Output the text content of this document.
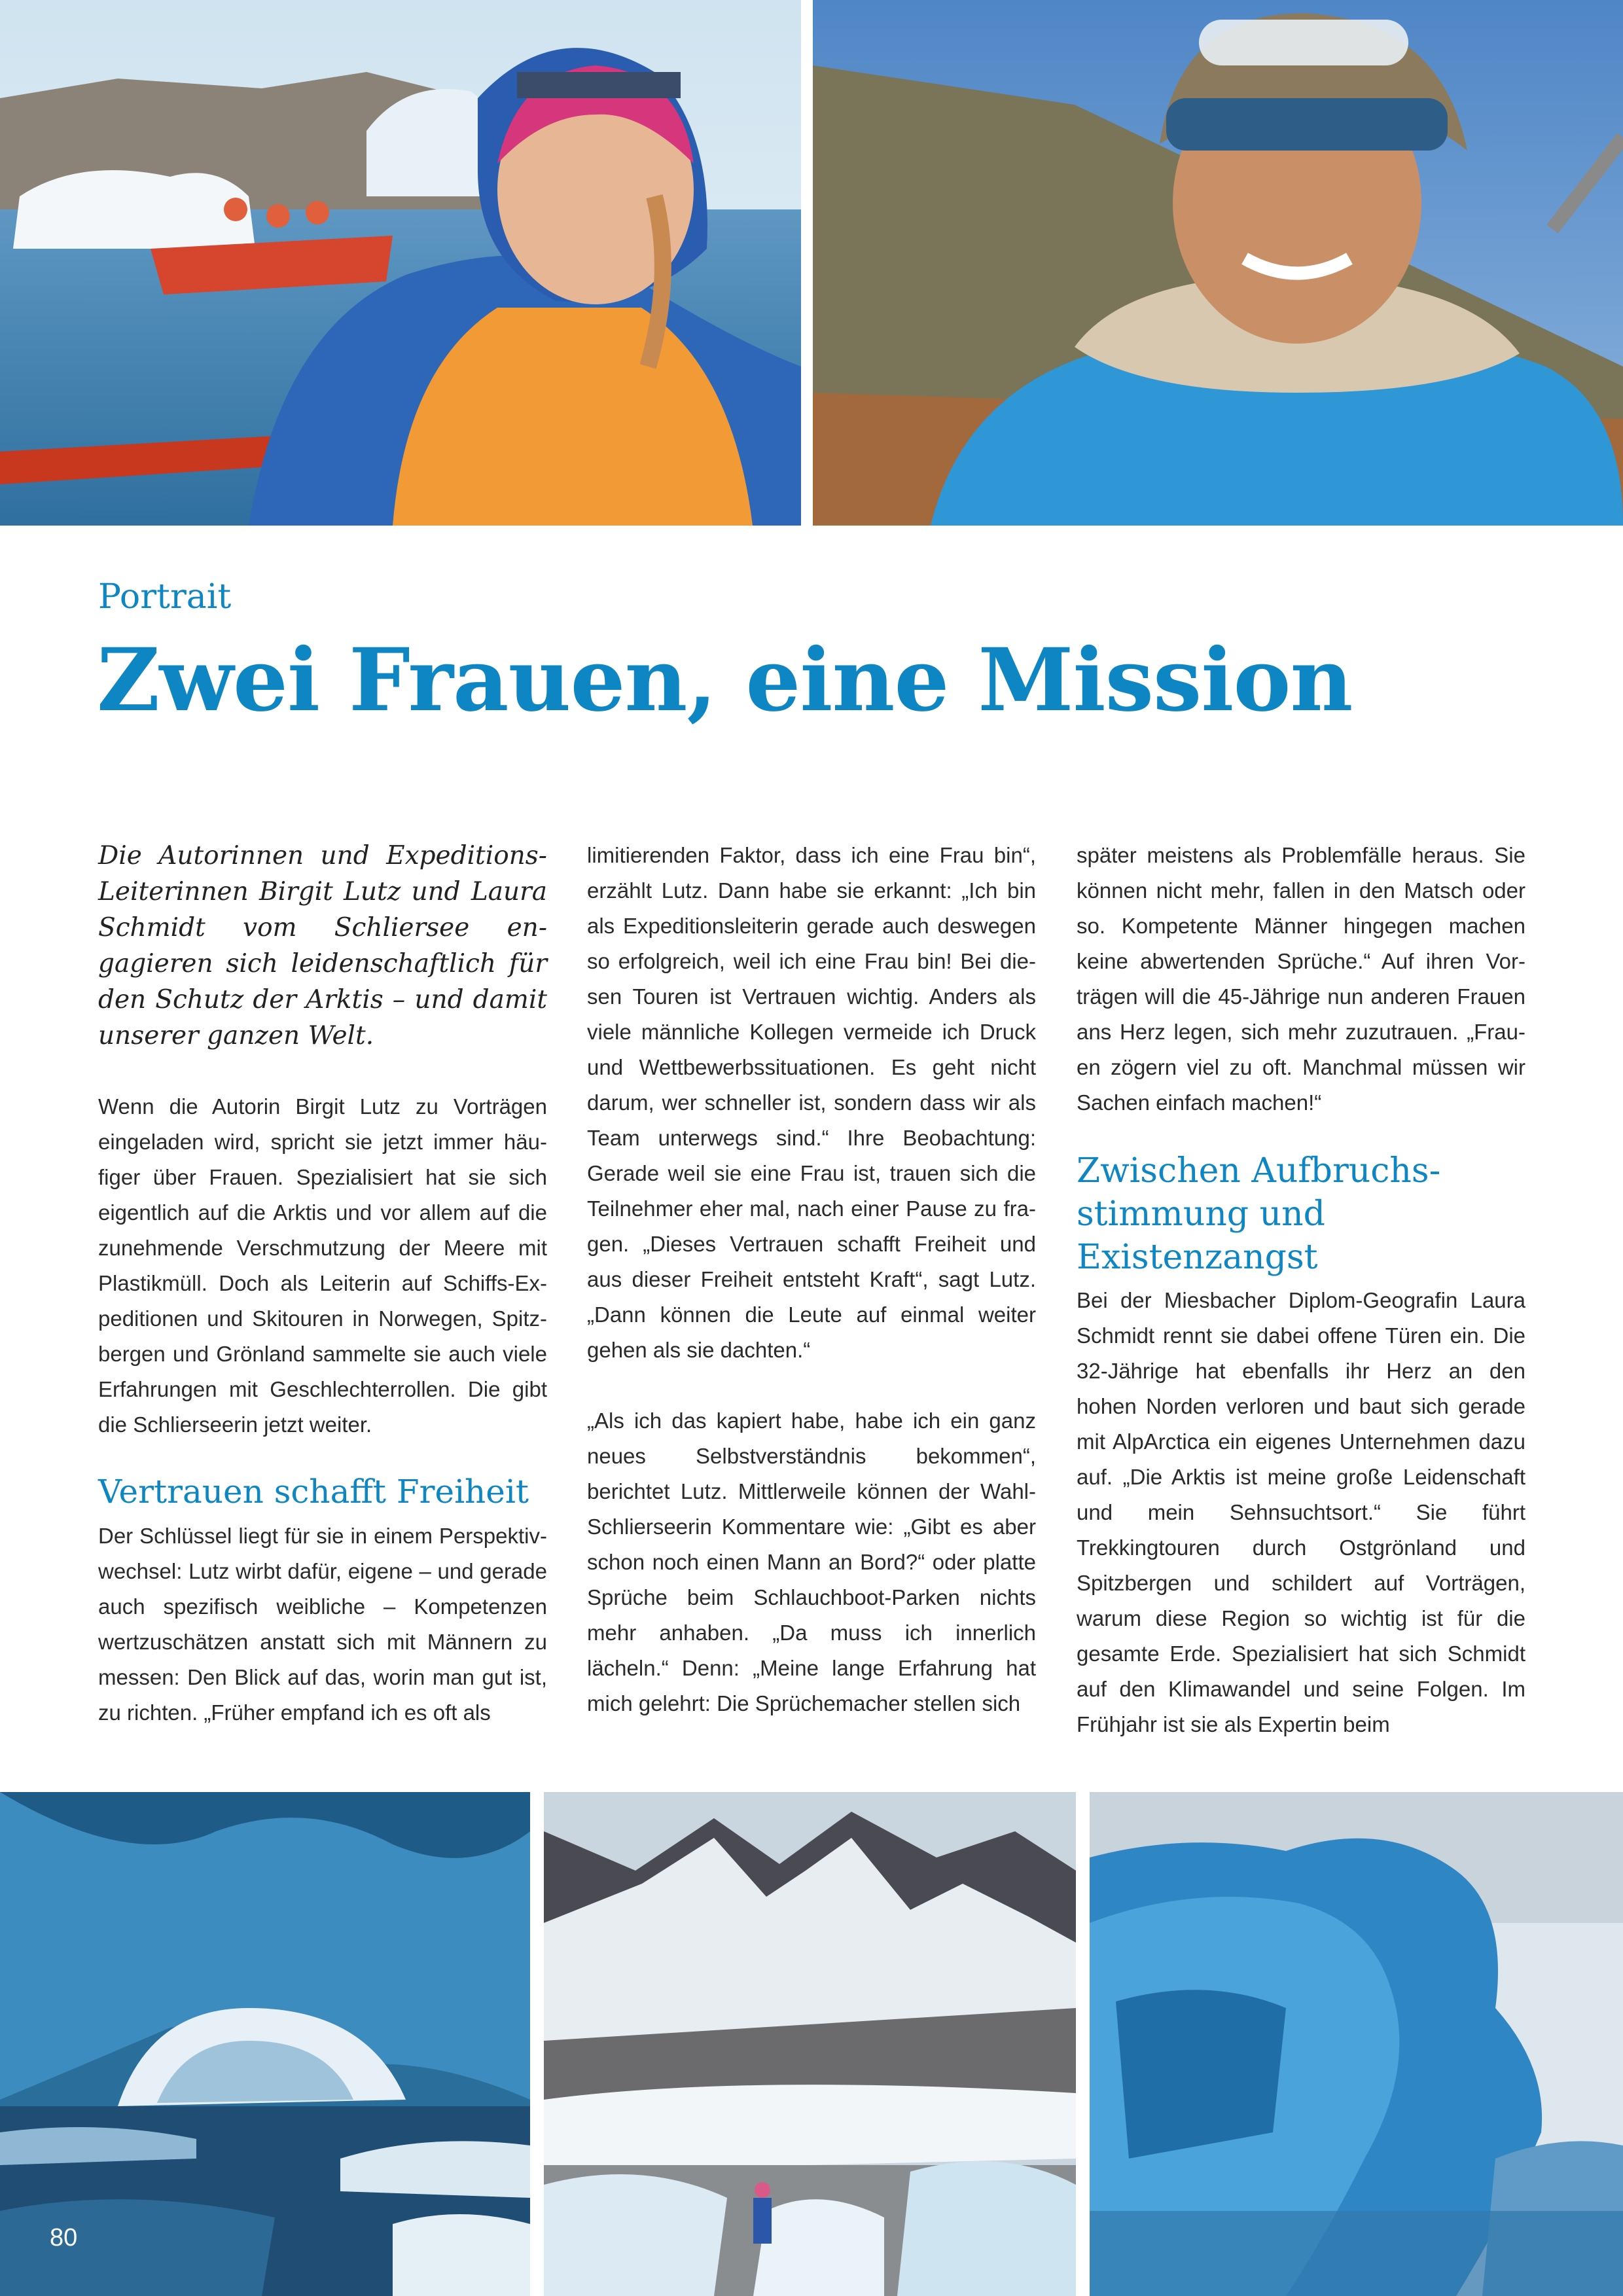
Portrait
Zwei Frauen, eine Mission

Die Autorinnen und Expeditions-Leiterinnen Birgit Lutz und Laura Schmidt vom Schliersee engagieren sich leidenschaftlich für den Schutz der Arktis – und damit unserer ganzen Welt.

Wenn die Autorin Birgit Lutz zu Vorträgen eingeladen wird, spricht sie jetzt immer häufiger über Frauen. Spezialisiert hat sie sich eigentlich auf die Arktis und vor allem auf die zunehmende Verschmutzung der Meere mit Plastikmüll. Doch als Leiterin auf Schiffs-Expeditionen und Skitouren in Norwegen, Spitzbergen und Grönland sammelte sie auch viele Erfahrungen mit Geschlechterrollen. Die gibt die Schlierseerin jetzt weiter.

Vertrauen schafft Freiheit

Der Schlüssel liegt für sie in einem Perspektivwechsel: Lutz wirbt dafür, eigene – und gerade auch spezifisch weibliche – Kompetenzen wertzuschätzen anstatt sich mit Männern zu messen: Den Blick auf das, worin man gut ist, zu richten. „Früher empfand ich es oft als

limitierenden Faktor, dass ich eine Frau bin“, erzählt Lutz. Dann habe sie erkannt: „Ich bin als Expeditionsleiterin gerade auch deswegen so erfolgreich, weil ich eine Frau bin! Bei diesen Touren ist Vertrauen wichtig. Anders als viele männliche Kollegen vermeide ich Druck und Wettbewerbssituationen. Es geht nicht darum, wer schneller ist, sondern dass wir als Team unterwegs sind.“ Ihre Beobachtung: Gerade weil sie eine Frau ist, trauen sich die Teilnehmer eher mal, nach einer Pause zu fragen. „Dieses Vertrauen schafft Freiheit und aus dieser Freiheit entsteht Kraft“, sagt Lutz. „Dann können die Leute auf einmal weiter gehen als sie dachten.“

„Als ich das kapiert habe, habe ich ein ganz neues Selbstverständnis bekommen“, berichtet Lutz. Mittlerweile können der Wahl-Schlierseerin Kommentare wie: „Gibt es aber schon noch einen Mann an Bord?“ oder platte Sprüche beim Schlauchboot-Parken nichts mehr anhaben. „Da muss ich innerlich lächeln.“ Denn: „Meine lange Erfahrung hat mich gelehrt: Die Sprüchemacher stellen sich

später meistens als Problemfälle heraus. Sie können nicht mehr, fallen in den Matsch oder so. Kompetente Männer hingegen machen keine abwertenden Sprüche.“ Auf ihren Vorträgen will die 45-Jährige nun anderen Frauen ans Herz legen, sich mehr zuzutrauen. „Frauen zögern viel zu oft. Manchmal müssen wir Sachen einfach machen!“

Zwischen Aufbruchsstimmung und Existenzangst

Bei der Miesbacher Diplom-Geografin Laura Schmidt rennt sie dabei offene Türen ein. Die 32-Jährige hat ebenfalls ihr Herz an den hohen Norden verloren und baut sich gerade mit AlpArctica ein eigenes Unternehmen dazu auf. „Die Arktis ist meine große Leidenschaft und mein Sehnsuchtsort.“ Sie führt Trekkingtouren durch Ostgrönland und Spitzbergen und schildert auf Vorträgen, warum diese Region so wichtig ist für die gesamte Erde. Spezialisiert hat sich Schmidt auf den Klimawandel und seine Folgen. Im Frühjahr ist sie als Expertin beim

80
